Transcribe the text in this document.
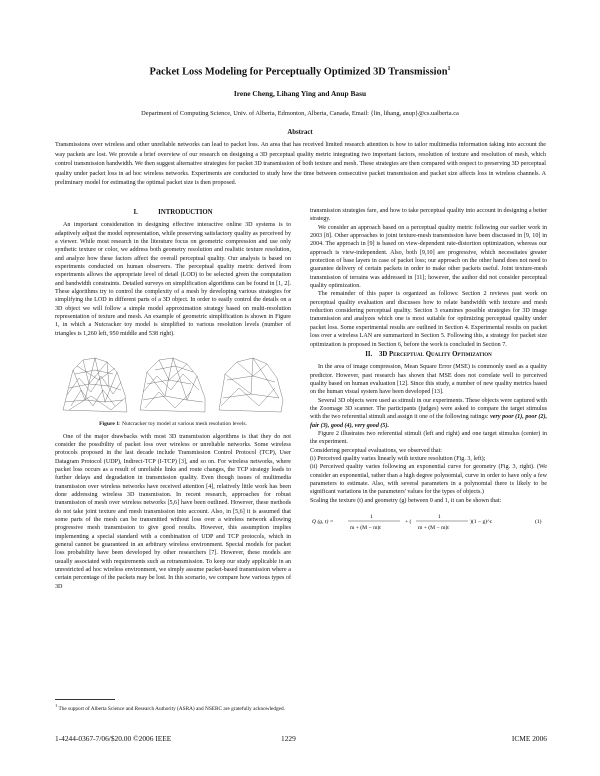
Packet Loss Modeling for Perceptually Optimized 3D Transmission$^1$
Irene Cheng, Lihang Ying and Anup Basu
Department of Computing Science, Univ. of Alberta, Edmonton, Alberta, Canada, Email: {lin, lihang, anup}@cs.ualberta.ca
Abstract

Transmissions over wireless and other unreliable networks can lead to packet loss. An area that has received limited research attention is how to tailor multimedia information taking into account the way packets are lost. We provide a brief overview of our research on designing a 3D perceptual quality metric integrating two important factors, resolution of texture and resolution of mesh, which control transmission bandwidth. We then suggest alternative strategies for packet 3D transmission of both texture and mesh. These strategies are then compared with respect to preserving 3D perceptual quality under packet loss in ad hoc wireless networks. Experiments are conducted to study how the time between consecutive packet transmission and packet size affects loss in wireless channels. A preliminary model for estimating the optimal packet size is then proposed.

I.            INTRODUCTION

An important consideration in designing effective interactive online 3D systems is to adaptively adjust the model representation, while preserving satisfactory quality as perceived by a viewer. While most research in the literature focus on geometric compression and use only synthetic texture or color, we address both geometry resolution and realistic texture resolution, and analyze how these factors affect the overall perceptual quality. Our analysis is based on experiments conducted on human observers. The perceptual quality metric derived from experiments allows the appropriate level of detail (LOD) to be selected given the computation and bandwidth constraints. Detailed surveys on simplification algorithms can be found in [1, 2]. These algorithms try to control the complexity of a mesh by developing various strategies for simplifying the LOD in different parts of a 3D object. In order to easily control the details on a 3D object we will follow a simple model approximation strategy based on multi-resolution representation of texture and mesh. An example of geometric simplification is shown in Figure 1, in which a Nutcracker toy model is simplified to various resolution levels (number of triangles is 1,260 left, 950 middle and 538 right).

Figure 1: Nutcracker toy model at various mesh resolution levels.

One of the major drawbacks with most 3D transmission algorithms is that they do not consider the possibility of packet loss over wireless or unreliable networks. Some wireless protocols proposed in the last decade include Transmission Control Protocol (TCP), User Datagram Protocol (UDP), Indirect-TCP (I-TCP) [3], and so on. For wireless networks, where packet loss occurs as a result of unreliable links and route changes, the TCP strategy leads to further delays and degradation in transmission quality. Even though issues of multimedia transmission over wireless networks have received attention [4], relatively little work has been done addressing wireless 3D transmission. In recent research, approaches for robust transmission of mesh over wireless networks [5,6] have been outlined. However, these methods do not take joint texture and mesh transmission into account. Also, in [5,6] it is assumed that some parts of the mesh can be transmitted without loss over a wireless network allowing progressive mesh transmission to give good results. However, this assumption implies implementing a special standard with a combination of UDP and TCP protocols, which in general cannot be guaranteed in an arbitrary wireless environment. Special models for packet loss probability have been developed by other researchers [7]. However, these models are usually associated with requirements such as retransmission. To keep our study applicable in an unrestricted ad hoc wireless environment, we simply assume packet-based transmission where a certain percentage of the packets may be lost. In this scenario, we compare how various types of 3D

transmission strategies fare, and how to take perceptual quality into account in designing a better strategy.

We consider an approach based on a perceptual quality metric following our earlier work in 2003 [8]. Other approaches to joint texture-mesh transmission have been discussed in [9, 10] in 2004. The approach in [9] is based on view-dependent rate-distortion optimization, whereas our approach is view-independent. Also, both [9,10] are progressive, which necessitates greater protection of base layers in case of packet loss; our approach on the other hand does not need to guarantee delivery of certain packets in order to make other packets useful. Joint texture-mesh transmission of terrains was addressed in [11]; however, the author did not consider perceptual quality optimization.

The remainder of this paper is organized as follows: Section 2 reviews past work on perceptual quality evaluation and discusses how to relate bandwidth with texture and mesh reduction considering perceptual quality. Section 3 examines possible strategies for 3D image transmission and analyzes which one is most suitable for optimizing perceptual quality under packet loss. Some experimental results are outlined in Section 4. Experimental results on packet loss over a wireless LAN are summarized in Section 5. Following this, a strategy for packet size optimization is proposed in Section 6, before the work is concluded in Section 7.

II. 3D Perceptual Quality Optimization

In the area of image compression, Mean Square Error (MSE) is commonly used as a quality predictor. However, past research has shown that MSE does not correlate well to perceived quality based on human evaluation [12]. Since this study, a number of new quality metrics based on the human visual system have been developed [13].

Several 3D objects were used as stimuli in our experiments. These objects were captured with the Zoomage 3D scanner. The participants (judges) were asked to compare the target stimulus with the two referential stimuli and assign it one of the following ratings: very poor (1), poor (2), fair (3), good (4), very good (5).

Figure 2 illustrates two referential stimuli (left and right) and one target stimulus (center) in the experiment.

Considering perceptual evaluations, we observed that:

(i) Perceived quality varies linearly with texture resolution (Fig. 3, left);

(ii) Perceived quality varies following an exponential curve for geometry (Fig. 3, right). (We consider an exponential, rather than a high degree polynomial, curve in order to have only a few parameters to estimate. Also, with several parameters in a polynomial there is likely to be significant variations in the parameters' values for the types of objects.)

Scaling the texture (t) and geometry (g) between 0 and 1, it can be shown that:

Q (g, t) =
1
m + (M − m)t
+ (
1
m + (M − m)t
)(1 − g)^c	(1)
$^1$ The support of Alberta Science and Research Authority (ASRA) and NSERC are gratefully acknowledged.
1-4244-0367-7/06/$20.00 ©2006 IEEE	1229	ICME 2006
